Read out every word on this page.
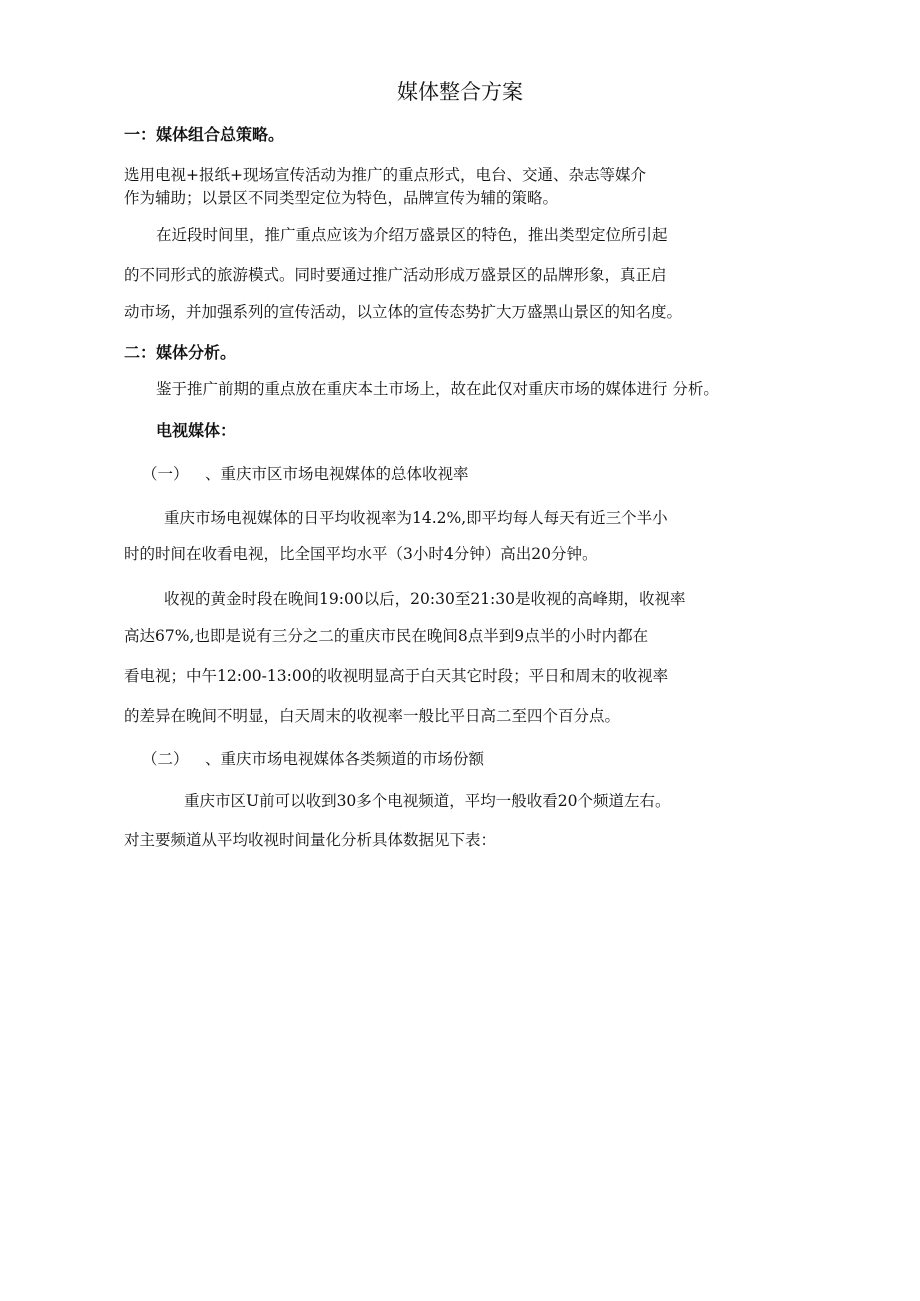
媒体整合方案
一：媒体组合总策略。
选用电视+报纸+现场宣传活动为推广的重点形式，电台、交通、杂志等媒介
作为辅助；以景区不同类型定位为特色，品牌宣传为辅的策略。
在近段时间里，推广重点应该为介绍万盛景区的特色，推出类型定位所引起
的不同形式的旅游模式。同时要通过推广活动形成万盛景区的品牌形象，真正启
动市场，并加强系列的宣传活动，以立体的宣传态势扩大万盛黑山景区的知名度。
二：媒体分析。
鉴于推广前期的重点放在重庆本土市场上，故在此仅对重庆市场的媒体进行 分析。
电视媒体：
（一） 、重庆市区市场电视媒体的总体收视率
重庆市场电视媒体的日平均收视率为14.2%,即平均每人每天有近三个半小
时的时间在收看电视，比全国平均水平（3小时4分钟）高出20分钟。
收视的黄金时段在晚间19:00以后，20:30至21:30是收视的高峰期，收视率
高达67%,也即是说有三分之二的重庆市民在晚间8点半到9点半的小时内都在
看电视；中午12:00-13:00的收视明显高于白天其它时段；平日和周末的收视率
的差异在晚间不明显，白天周末的收视率一般比平日高二至四个百分点。
（二） 、重庆市场电视媒体各类频道的市场份额
重庆市区U前可以收到30多个电视频道，平均一般收看20个频道左右。
对主要频道从平均收视时间量化分析具体数据见下表：
